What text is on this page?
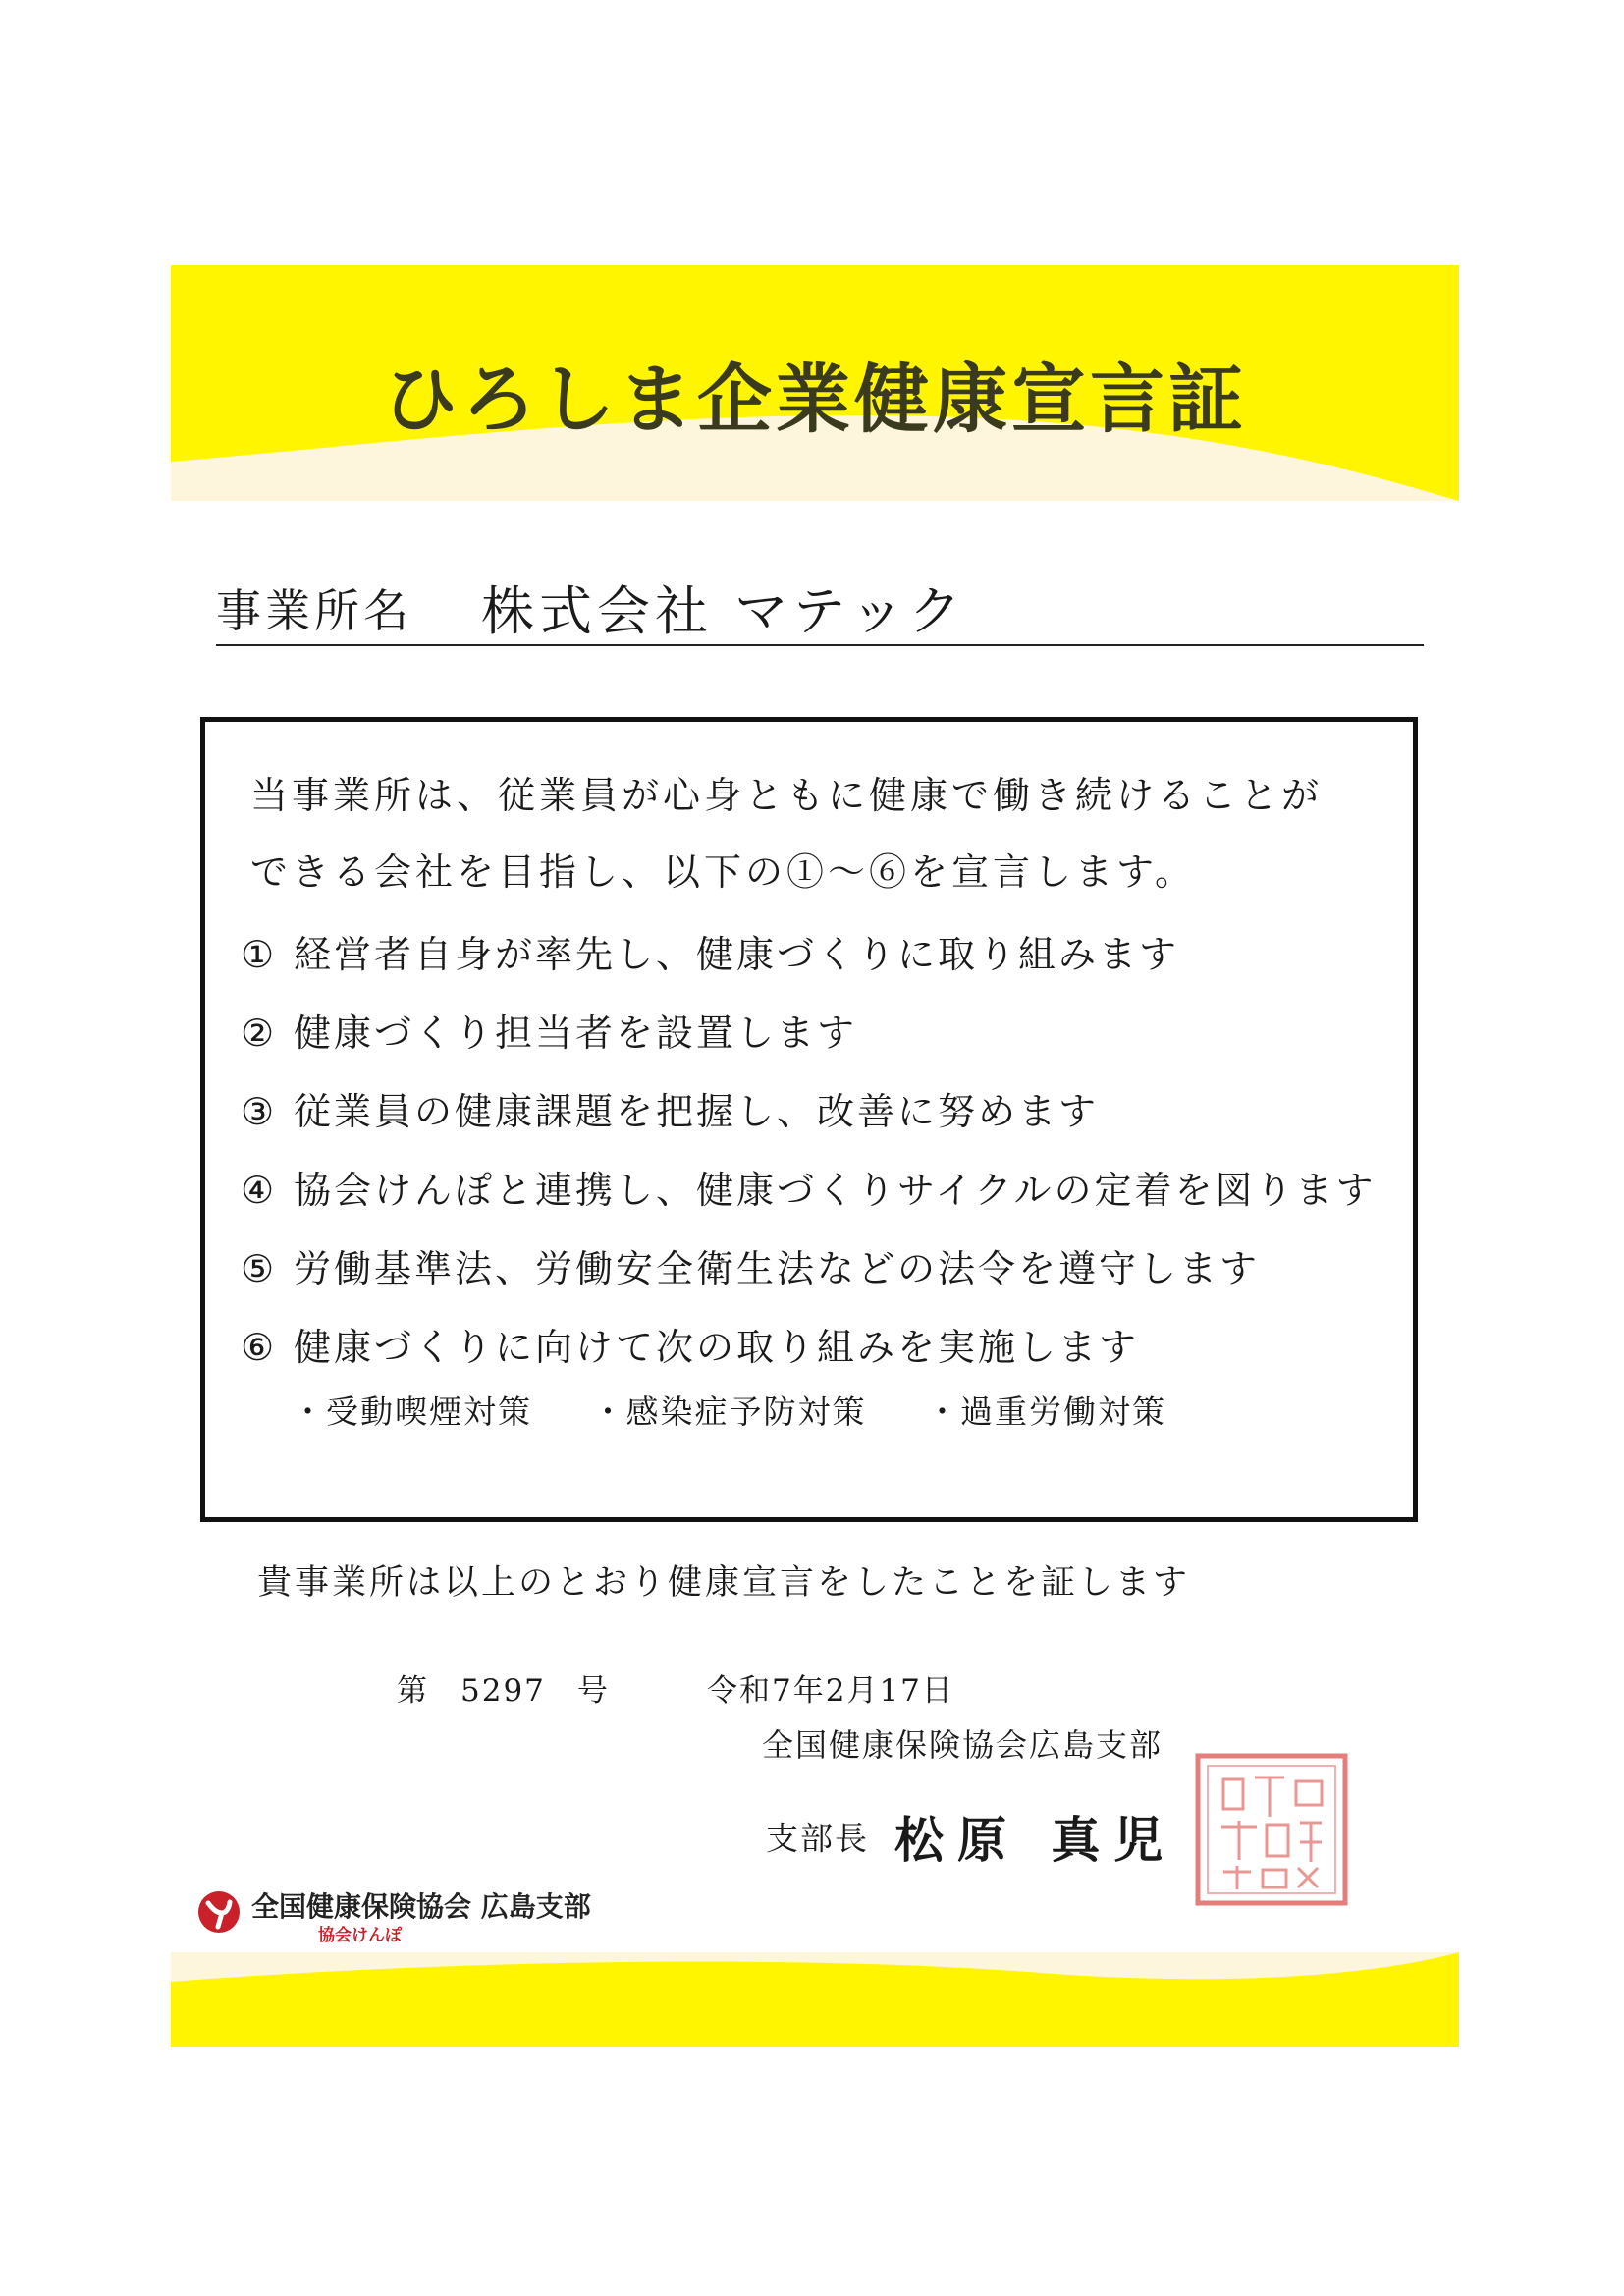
ひろしま企業健康宣言証
事業所名 株式会社 マテック
当事業所は、従業員が心身ともに健康で働き続けることが
できる会社を目指し、以下の①〜⑥を宣言します。
① 経営者自身が率先し、健康づくりに取り組みます
② 健康づくり担当者を設置します
③ 従業員の健康課題を把握し、改善に努めます
④ 協会けんぽと連携し、健康づくりサイクルの定着を図ります
⑤ 労働基準法、労働安全衛生法などの法令を遵守します
⑥ 健康づくりに向けて次の取り組みを実施します
・受動喫煙対策 ・感染症予防対策 ・過重労働対策
貴事業所は以上のとおり健康宣言をしたことを証します
第 5297 号	令和7年2月17日
全国健康保険協会広島支部
支部長 松原 真児
全国健康保険協会 広島支部
協会けんぽ
